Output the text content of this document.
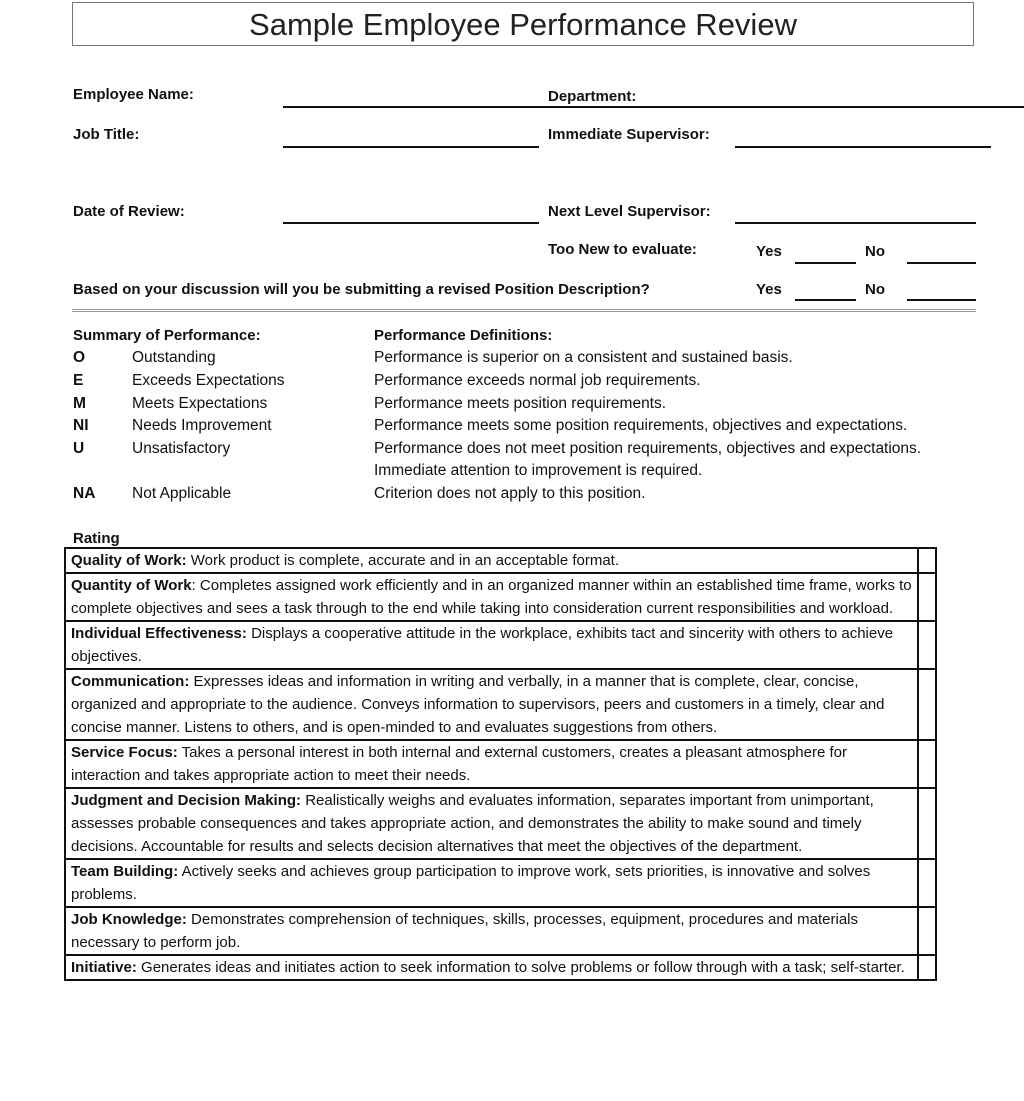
Sample Employee Performance Review
Employee Name:	Department:
Job Title:	Immediate Supervisor:
Date of Review:	Next Level Supervisor:
Too New to evaluate:	Yes	No
Based on your discussion will you be submitting a revised Position Description?	Yes	No
Summary of Performance:	Performance Definitions:
O	Outstanding	Performance is superior on a consistent and sustained basis.
E	Exceeds Expectations	Performance exceeds normal job requirements.
M	Meets Expectations	Performance meets position requirements.
NI	Needs Improvement	Performance meets some position requirements, objectives and expectations.
U	Unsatisfactory	Performance does not meet position requirements, objectives and expectations.
Immediate attention to improvement is required.
NA Not Applicable	Criterion does not apply to this position.
Rating
Quality of Work: Work product is complete, accurate and in an acceptable format.	
Quantity of Work: Completes assigned work efficiently and in an organized manner within an established time frame, works to complete objectives and sees a task through to the end while taking into consideration current responsibilities and workload.	
Individual Effectiveness: Displays a cooperative attitude in the workplace, exhibits tact and sincerity with others to achieve objectives.	
Communication: Expresses ideas and information in writing and verbally, in a manner that is complete, clear, concise, organized and appropriate to the audience. Conveys information to supervisors, peers and customers in a timely, clear and concise manner. Listens to others, and is open-minded to and evaluates suggestions from others.	
Service Focus: Takes a personal interest in both internal and external customers, creates a pleasant atmosphere for interaction and takes appropriate action to meet their needs.	
Judgment and Decision Making: Realistically weighs and evaluates information, separates important from unimportant, assesses probable consequences and takes appropriate action, and demonstrates the ability to make sound and timely decisions. Accountable for results and selects decision alternatives that meet the objectives of the department.	
Team Building: Actively seeks and achieves group participation to improve work, sets priorities, is innovative and solves problems.	
Job Knowledge: Demonstrates comprehension of techniques, skills, processes, equipment, procedures and materials necessary to perform job.	
Initiative: Generates ideas and initiates action to seek information to solve problems or follow through with a task; self-starter.	
